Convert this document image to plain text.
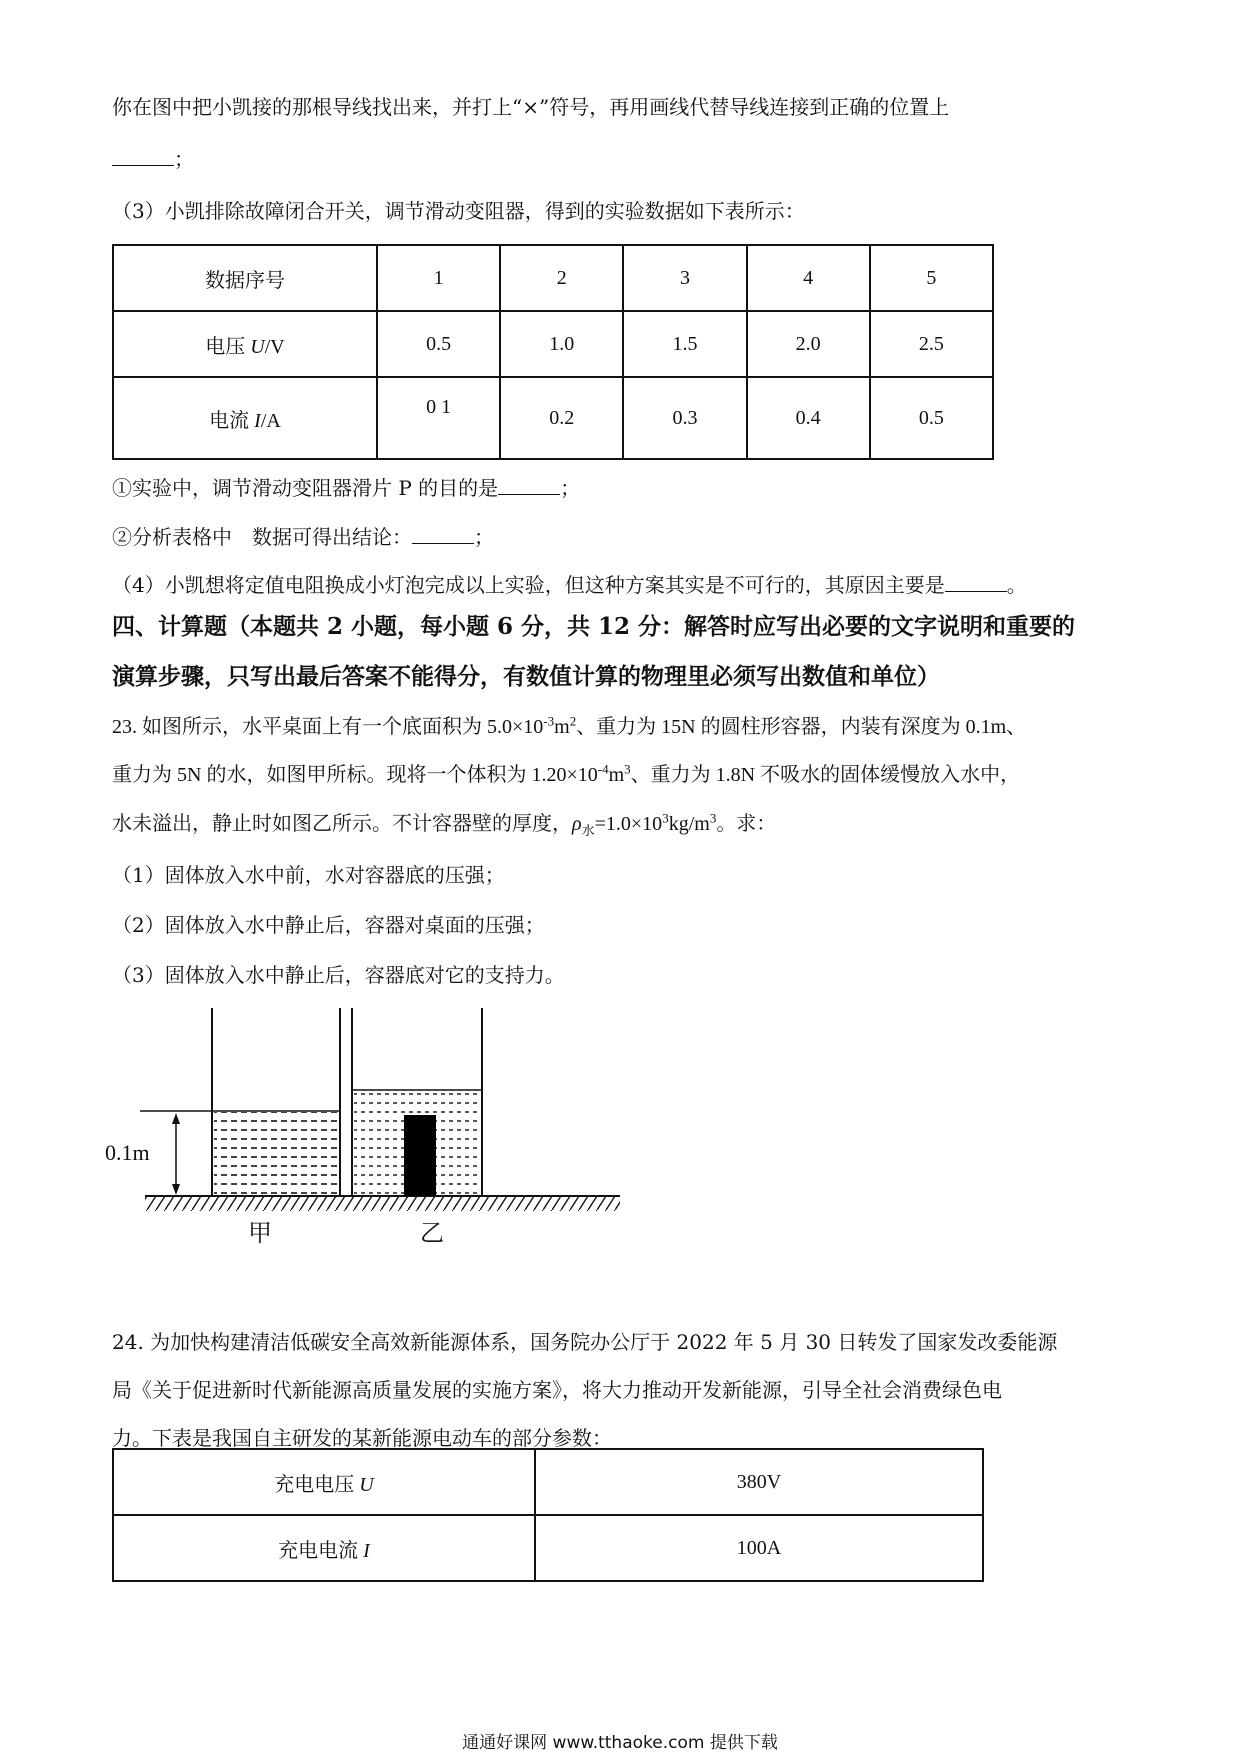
你在图中把小凯接的那根导线找出来，并打上“×”符号，再用画线代替导线连接到正确的位置上
；
（3）小凯排除故障闭合开关，调节滑动变阻器，得到的实验数据如下表所示：
数据序号	1	2	3	4	5
电压 U/V	0.5	1.0	1.5	2.0	2.5
电流 I/A	0 1	0.2	0.3	0.4	0.5
①实验中，调节滑动变阻器滑片 P 的目的是	；
②分析表格中　数据可得出结论：	；
（4）小凯想将定值电阻换成小灯泡完成以上实验，但这种方案其实是不可行的，其原因主要是	。
四、计算题（本题共 2 小题，每小题 6 分，共 12 分：解答时应写出必要的文字说明和重要的
演算步骤，只写出最后答案不能得分，有数值计算的物理里必须写出数值和单位）
23. 如图所示，水平桌面上有一个底面积为 $5.0\times 10^{-3}m^2$、重力为 15N 的圆柱形容器，内装有深度为 0.1m、
重力为 5N 的水，如图甲所标。现将一个体积为 $1.20\times 10^{-4}m^3$、重力为 1.8N 不吸水的固体缓慢放入水中，
水未溢出，静止时如图乙所示。不计容器壁的厚度，$\rho_水=1.0\times 10^3kg/m^3$。求：
（1）固体放入水中前，水对容器底的压强；
（2）固体放入水中静止后，容器对桌面的压强；
（3）固体放入水中静止后，容器底对它的支持力。
0.1m
甲	乙
24. 为加快构建清洁低碳安全高效新能源体系，国务院办公厅于 2022 年 5 月 30 日转发了国家发改委能源
局《关于促进新时代新能源高质量发展的实施方案》，将大力推动开发新能源，引导全社会消费绿色电
力。下表是我国自主研发的某新能源电动车的部分参数：
充电电压 U	380V
充电电流 I	100A
通通好课网 www.tthaoke.com 提供下载
